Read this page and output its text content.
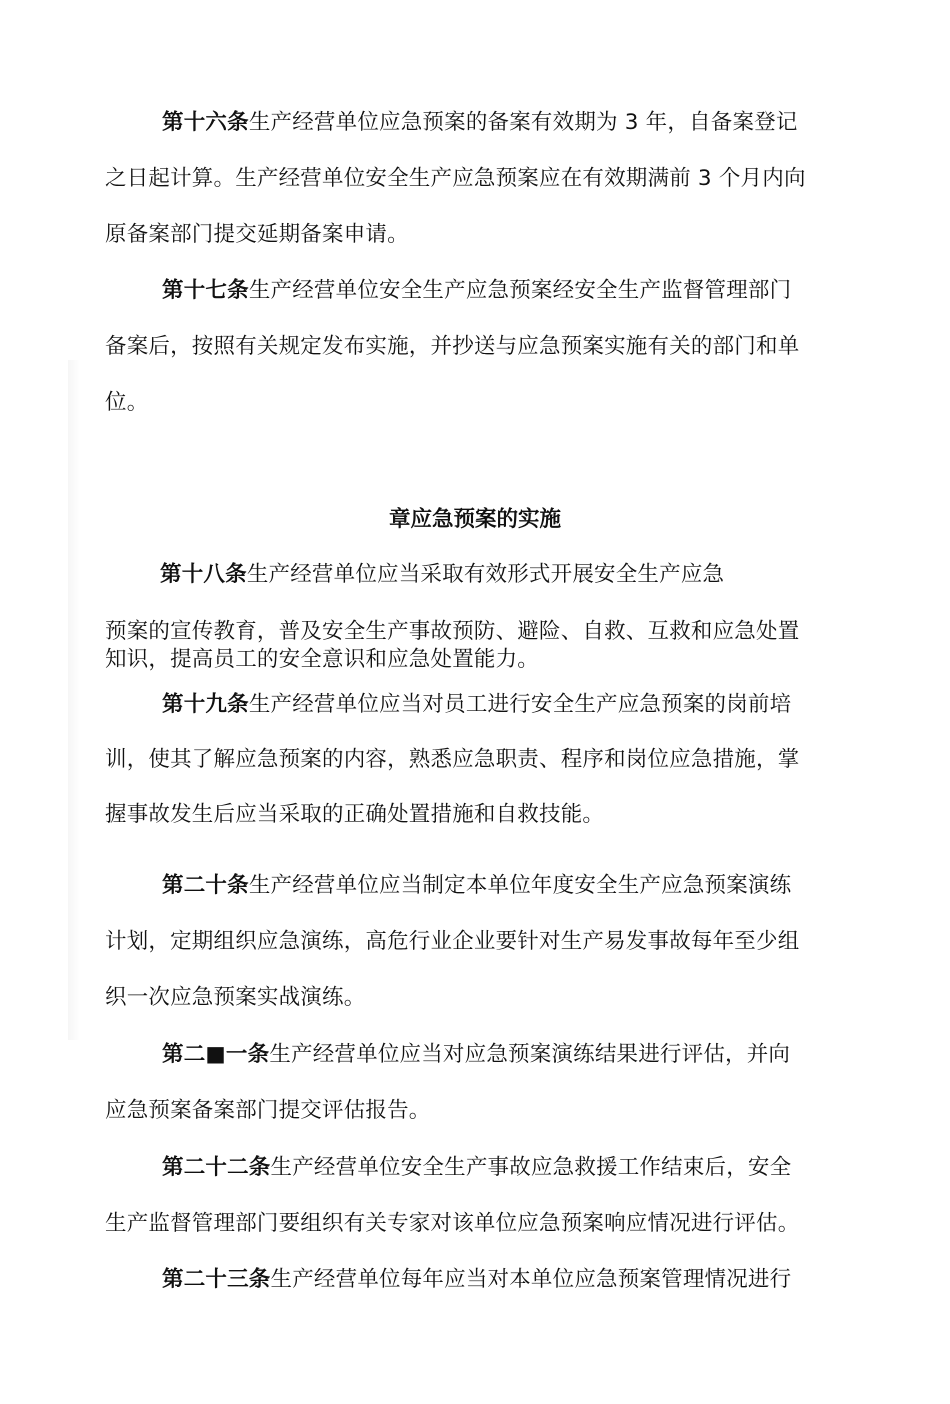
第十六条生产经营单位应急预案的备案有效期为 3 年，自备案登记
之日起计算。生产经营单位安全生产应急预案应在有效期满前 3 个月内向
原备案部门提交延期备案申请。
第十七条生产经营单位安全生产应急预案经安全生产监督管理部门
备案后，按照有关规定发布实施，并抄送与应急预案实施有关的部门和单
位。
章应急预案的实施
第十八条生产经营单位应当采取有效形式开展安全生产应急
预案的宣传教育，普及安全生产事故预防、避险、自救、互救和应急处置
知识，提高员工的安全意识和应急处置能力。
第十九条生产经营单位应当对员工进行安全生产应急预案的岗前培
训，使其了解应急预案的内容，熟悉应急职责、程序和岗位应急措施，掌
握事故发生后应当采取的正确处置措施和自救技能。
第二十条生产经营单位应当制定本单位年度安全生产应急预案演练
计划，定期组织应急演练，高危行业企业要针对生产易发事故每年至少组
织一次应急预案实战演练。
第二■一条生产经营单位应当对应急预案演练结果进行评估，并向
应急预案备案部门提交评估报告。
第二十二条生产经营单位安全生产事故应急救援工作结束后，安全
生产监督管理部门要组织有关专家对该单位应急预案响应情况进行评估。
第二十三条生产经营单位每年应当对本单位应急预案管理情况进行
